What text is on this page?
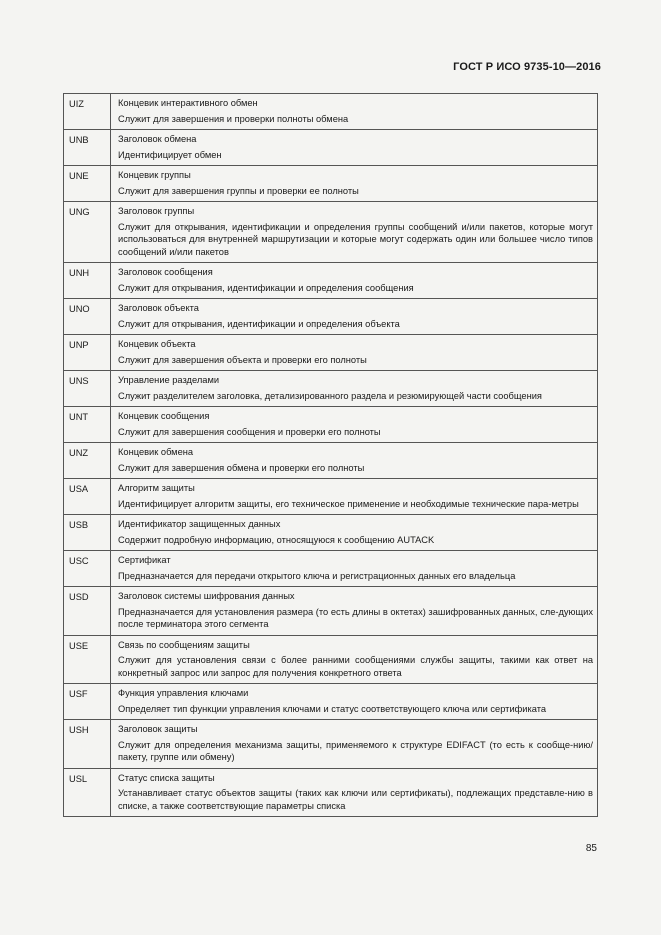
ГОСТ Р ИСО 9735-10—2016
UIZ	Концевик интерактивного обмен
Служит для завершения и проверки полноты обмена

UNB	Заголовок обмена
Идентифицирует обмен

UNE	Концевик группы
Служит для завершения группы и проверки ее полноты

UNG	Заголовок группы
Служит для открывания, идентификации и определения группы сообщений и/или пакетов, которые могут использоваться для внутренней маршрутизации и которые могут содержать один или большее число типов сообщений и/или пакетов

UNH	Заголовок сообщения
Служит для открывания, идентификации и определения сообщения

UNO	Заголовок объекта
Служит для открывания, идентификации и определения объекта

UNP	Концевик объекта
Служит для завершения объекта и проверки его полноты

UNS	Управление разделами
Служит разделителем заголовка, детализированного раздела и резюмирующей части сообщения

UNT	Концевик сообщения
Служит для завершения сообщения и проверки его полноты

UNZ	Концевик обмена
Служит для завершения обмена и проверки его полноты

USA	Алгоритм защиты
Идентифицирует алгоритм защиты, его техническое применение и необходимые технические пара-метры

USB	Идентификатор защищенных данных
Содержит подробную информацию, относящуюся к сообщению AUTACK

USC	Сертификат
Предназначается для передачи открытого ключа и регистрационных данных его владельца

USD	Заголовок системы шифрования данных
Предназначается для установления размера (то есть длины в октетах) зашифрованных данных, сле-дующих после терминатора этого сегмента

USE	Связь по сообщениям защиты
Служит для установления связи с более ранними сообщениями службы защиты, такими как ответ на конкретный запрос или запрос для получения конкретного ответа

USF	Функция управления ключами
Определяет тип функции управления ключами и статус соответствующего ключа или сертификата

USH	Заголовок защиты
Служит для определения механизма защиты, применяемого к структуре EDIFACT (то есть к сообще-нию/пакету, группе или обмену)

USL	Статус списка защиты
Устанавливает статус объектов защиты (таких как ключи или сертификаты), подлежащих представле-нию в списке, а также соответствующие параметры списка
85
